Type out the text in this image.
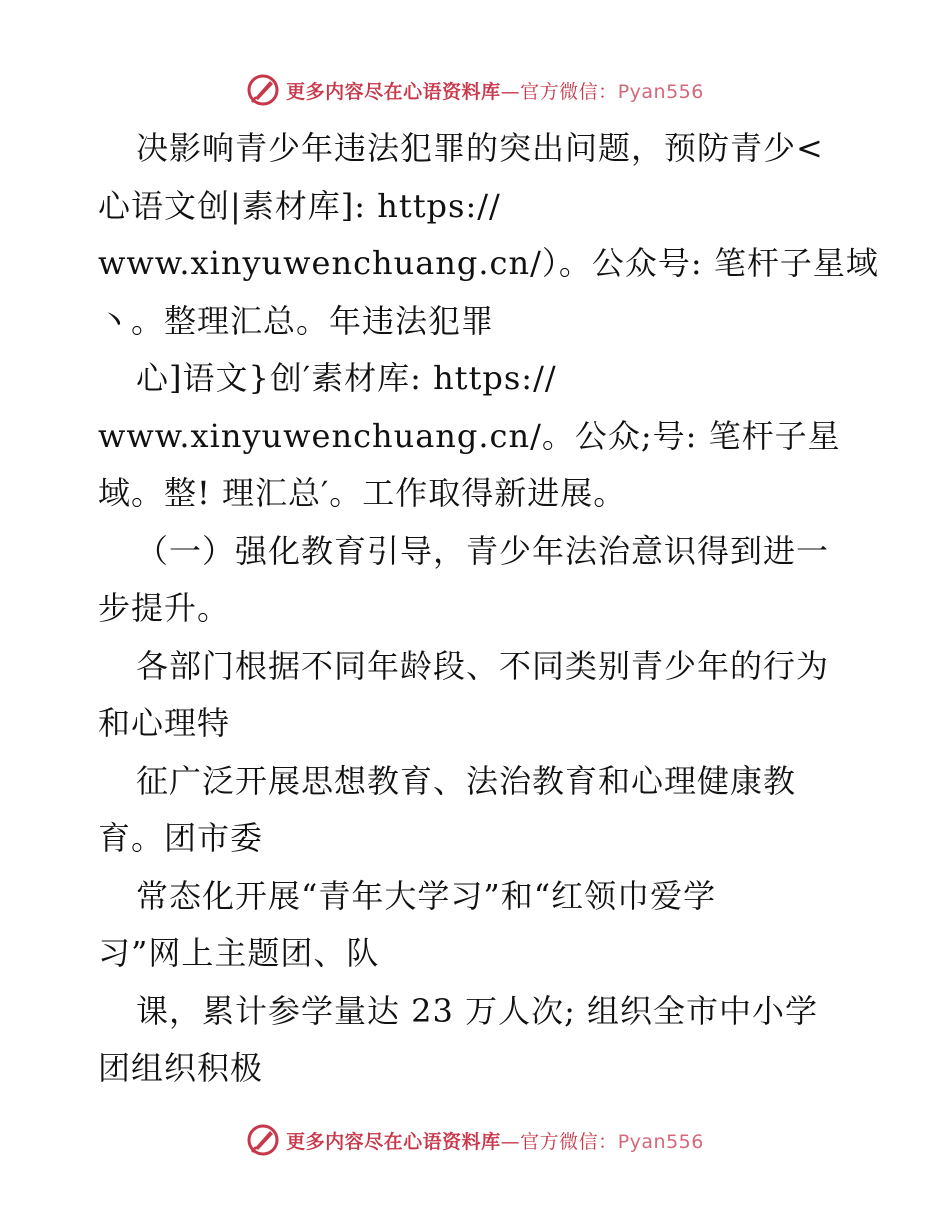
更多内容尽在心语资料库—官方微信：Pyan556
决影响青少年违法犯罪的突出问题，预防青少<
心语文创|素材库]: https://
www.xinyuwenchuang.cn/）。公众号: 笔杆子星域
丶。整理汇总。年违法犯罪
心]语文}创′素材库: https://
www.xinyuwenchuang.cn/。公众;号: 笔杆子星
域。整! 理汇总′。工作取得新进展。
（一）强化教育引导，青少年法治意识得到进一
步提升。
各部门根据不同年龄段、不同类别青少年的行为
和心理特
征广泛开展思想教育、法治教育和心理健康教
育。团市委
常态化开展“青年大学习”和“红领巾爱学
习”网上主题团、队
课，累计参学量达 23 万人次; 组织全市中小学
团组织积极
更多内容尽在心语资料库—官方微信：Pyan556
